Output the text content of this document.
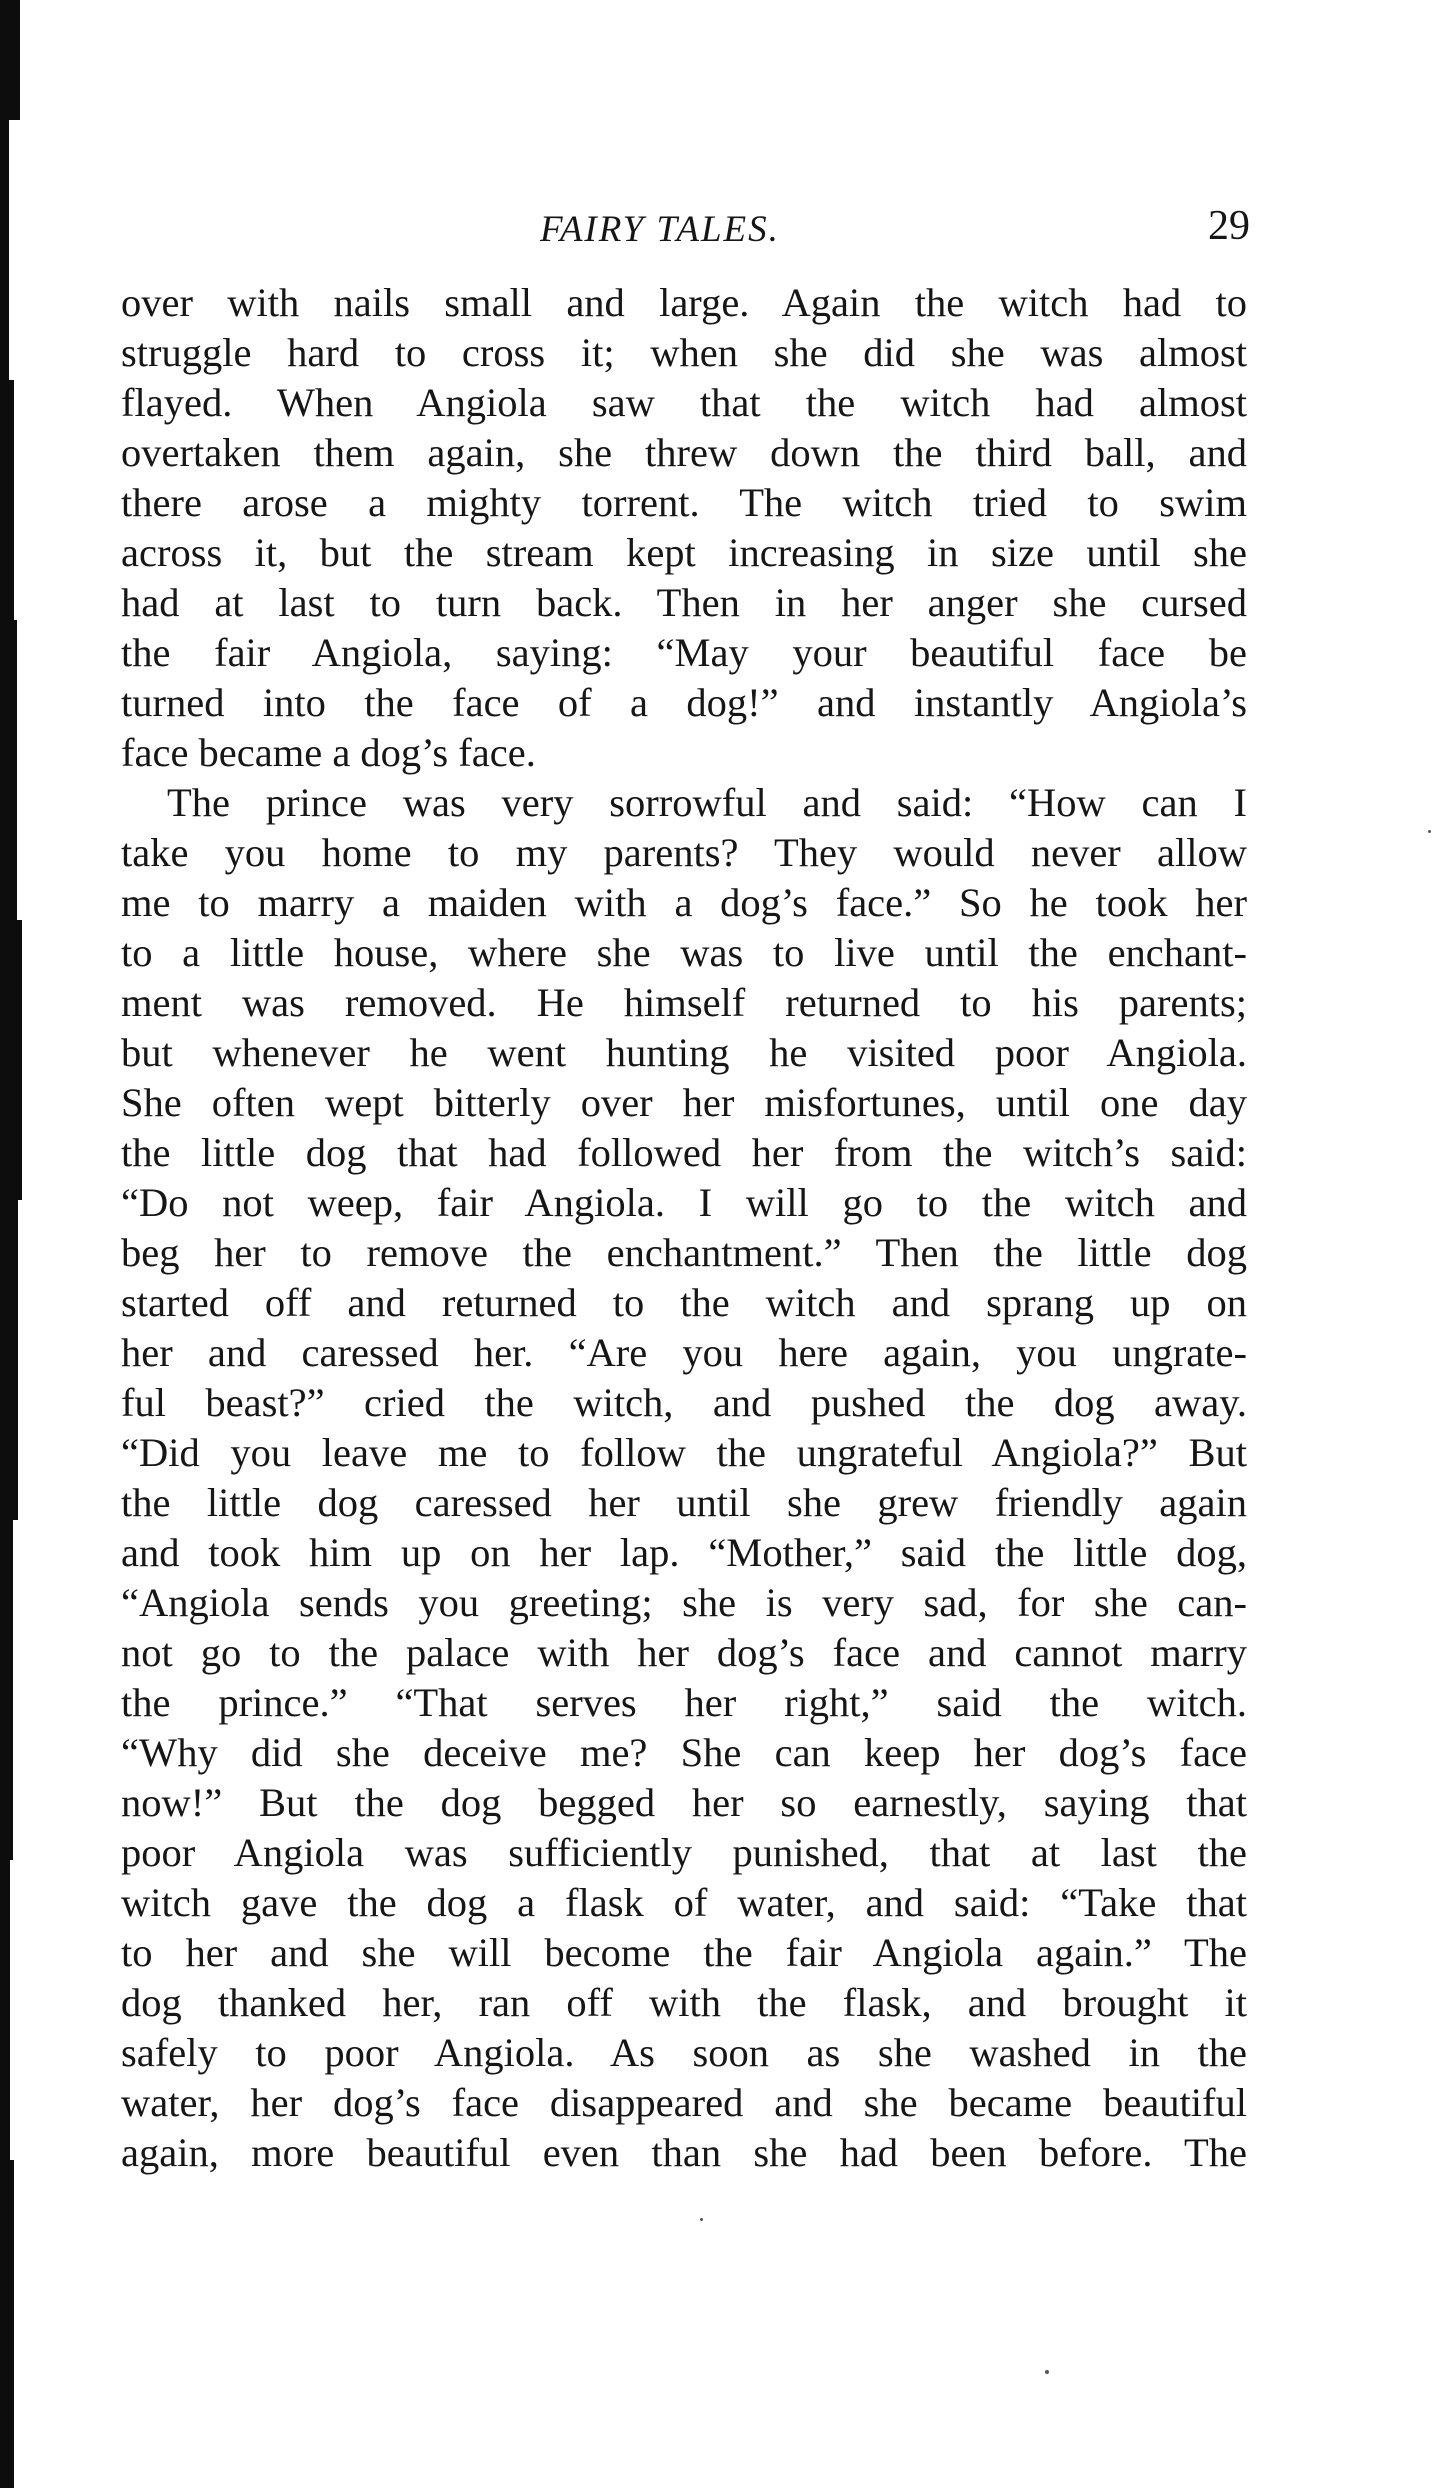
FAIRY TALES.	29
over with nails small and large. Again the witch had to
struggle hard to cross it; when she did she was almost
flayed. When Angiola saw that the witch had almost
overtaken them again, she threw down the third ball, and
there arose a mighty torrent. The witch tried to swim
across it, but the stream kept increasing in size until she
had at last to turn back. Then in her anger she cursed
the fair Angiola, saying: “May your beautiful face be
turned into the face of a dog!” and instantly Angiola’s
face became a dog’s face.
The prince was very sorrowful and said: “How can I
take you home to my parents? They would never allow
me to marry a maiden with a dog’s face.” So he took her
to a little house, where she was to live until the enchant-
ment was removed. He himself returned to his parents;
but whenever he went hunting he visited poor Angiola.
She often wept bitterly over her misfortunes, until one day
the little dog that had followed her from the witch’s said:
“Do not weep, fair Angiola. I will go to the witch and
beg her to remove the enchantment.” Then the little dog
started off and returned to the witch and sprang up on
her and caressed her. “Are you here again, you ungrate-
ful beast?” cried the witch, and pushed the dog away.
“Did you leave me to follow the ungrateful Angiola?” But
the little dog caressed her until she grew friendly again
and took him up on her lap. “Mother,” said the little dog,
“Angiola sends you greeting; she is very sad, for she can-
not go to the palace with her dog’s face and cannot marry
the prince.” “That serves her right,” said the witch.
“Why did she deceive me? She can keep her dog’s face
now!” But the dog begged her so earnestly, saying that
poor Angiola was sufficiently punished, that at last the
witch gave the dog a flask of water, and said: “Take that
to her and she will become the fair Angiola again.” The
dog thanked her, ran off with the flask, and brought it
safely to poor Angiola. As soon as she washed in the
water, her dog’s face disappeared and she became beautiful
again, more beautiful even than she had been before. The
